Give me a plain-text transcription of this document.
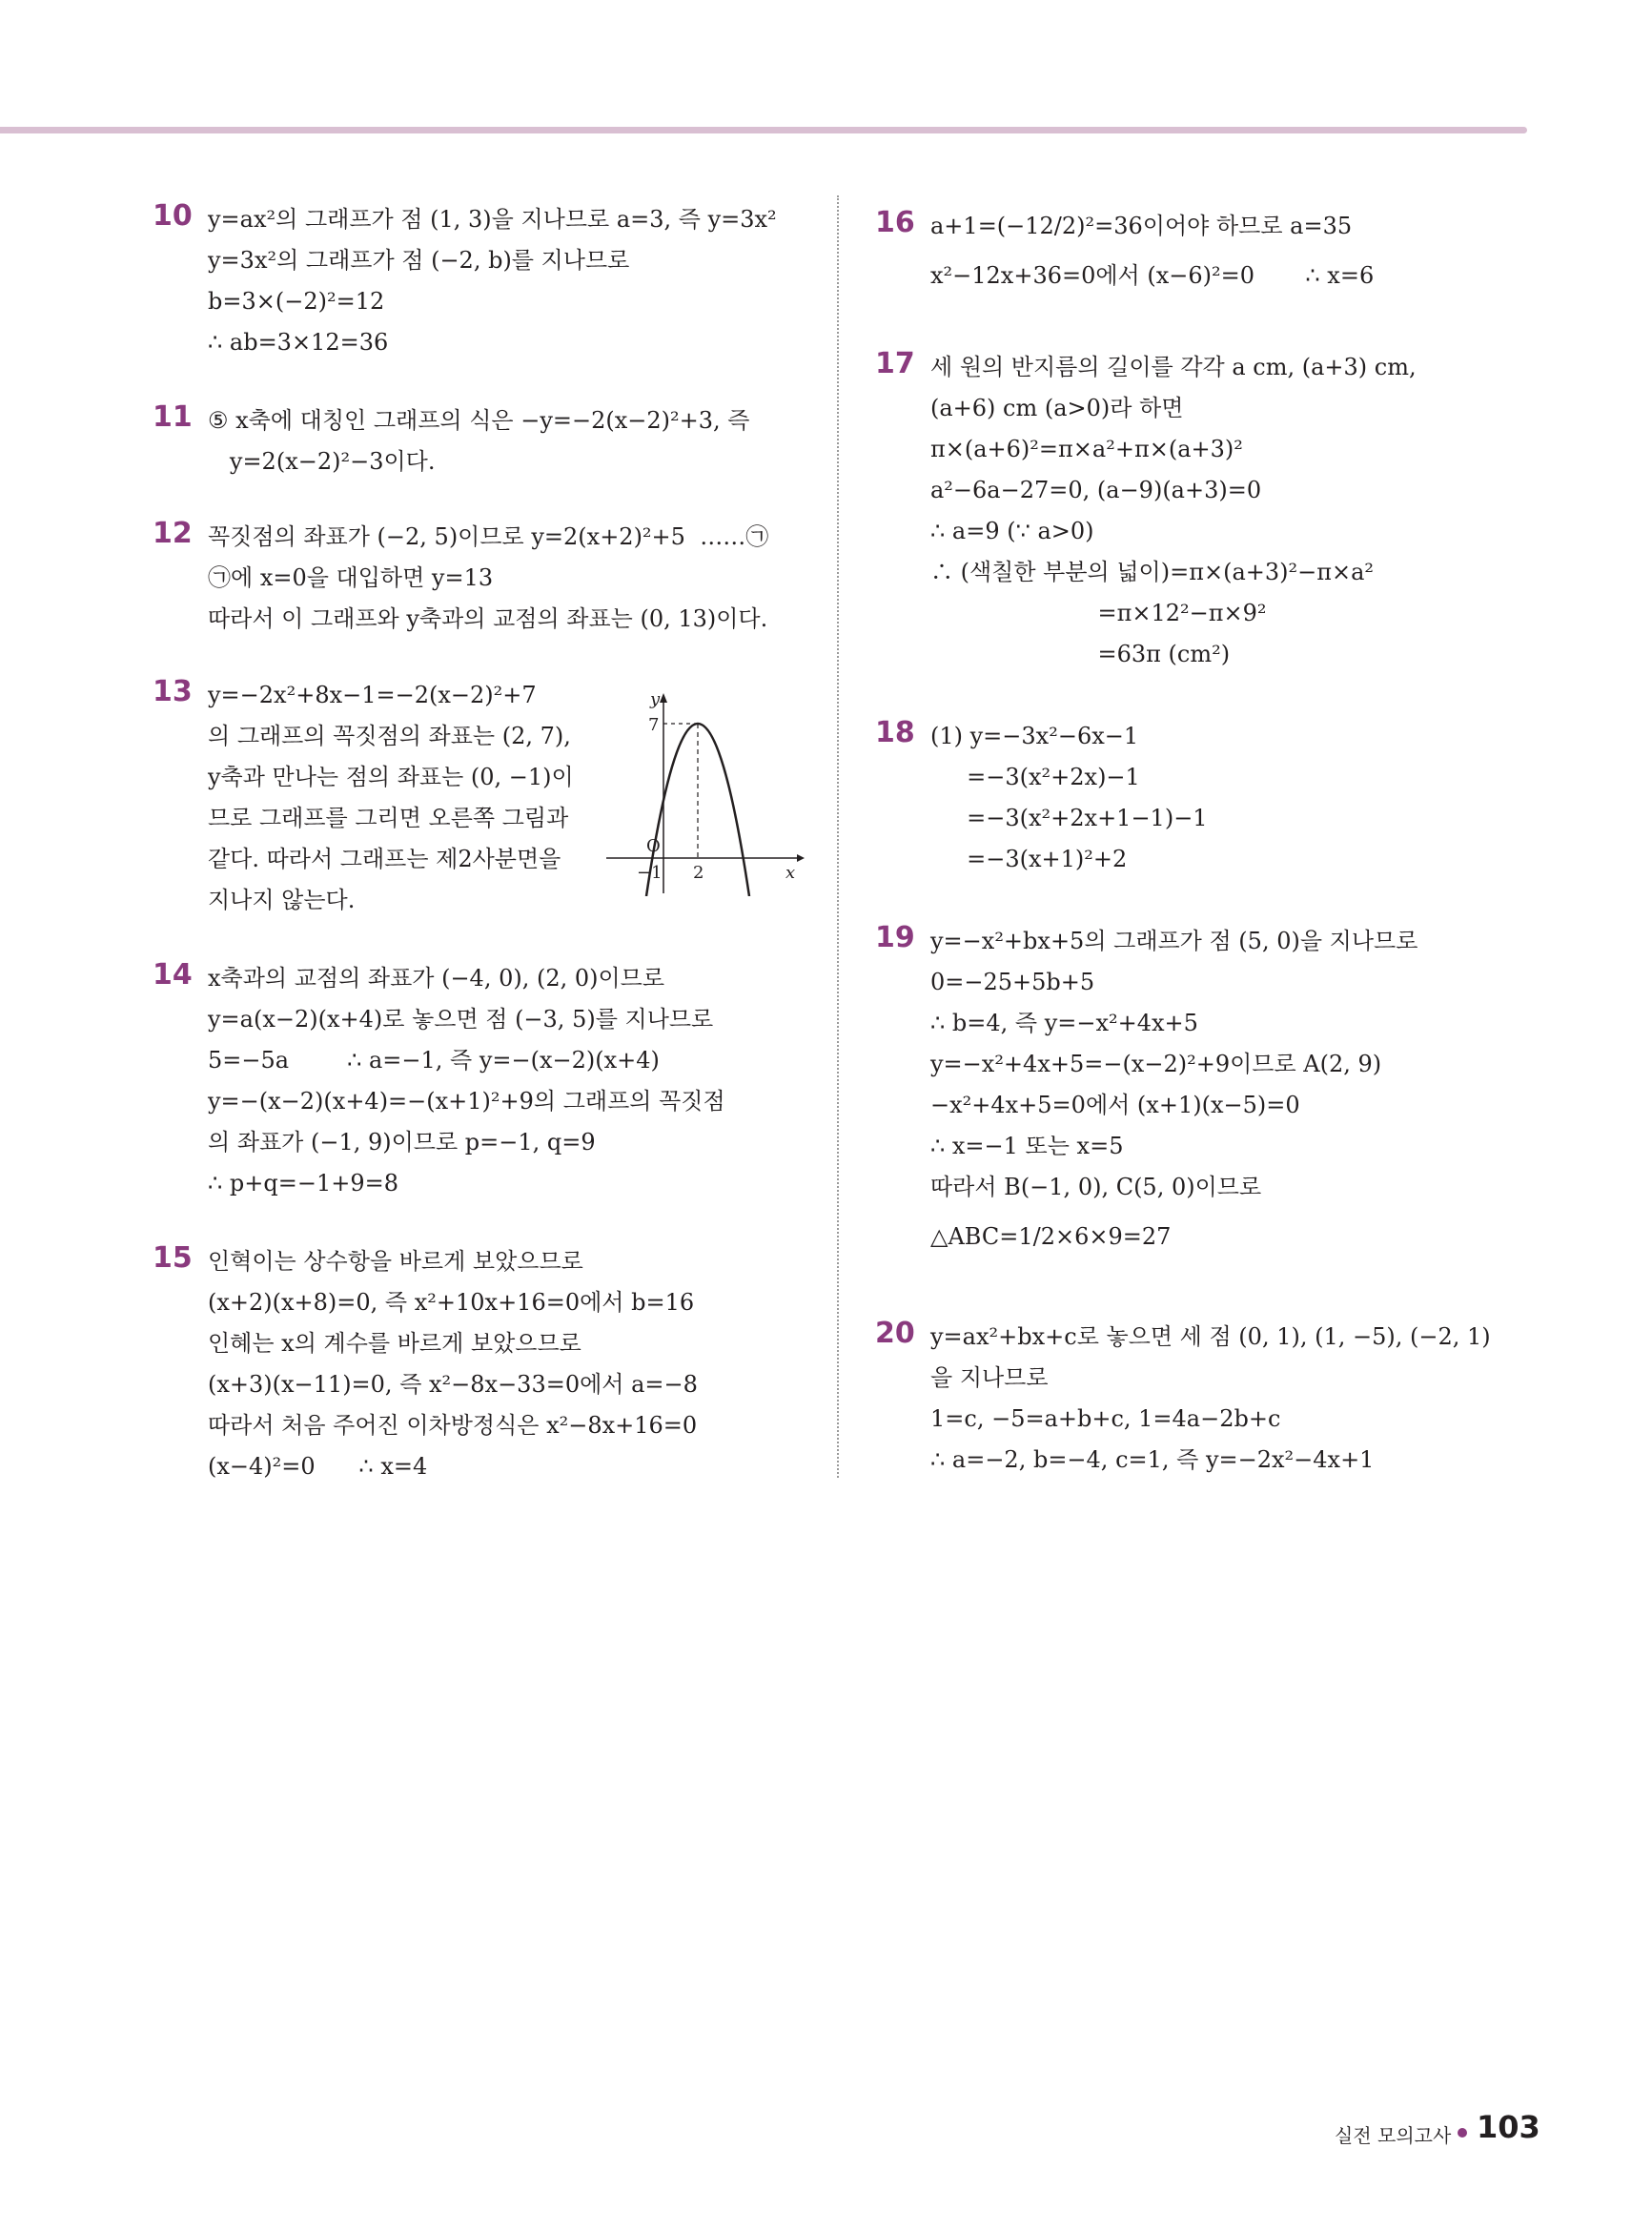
10 y=ax²의 그래프가 점 (1, 3)을 지나므로 a=3, 즉 y=3x²
y=3x²의 그래프가 점 (−2, b)를 지나므로
b=3×(−2)²=12
∴ ab=3×12=36
11 ⑤ x축에 대칭인 그래프의 식은 −y=−2(x−2)²+3, 즉
y=2(x−2)²−3이다.
12 꼭짓점의 좌표가 (−2, 5)이므로 y=2(x+2)²+5  ……㉠
㉠에 x=0을 대입하면 y=13
따라서 이 그래프와 y축과의 교점의 좌표는 (0, 13)이다.
13 y=−2x²+8x−1=−2(x−2)²+7
의 그래프의 꼭짓점의 좌표는 (2, 7),
y축과 만나는 점의 좌표는 (0, −1)이
므로 그래프를 그리면 오른쪽 그림과
같다. 따라서 그래프는 제2사분면을
지나지 않는다.
y
7
O
−1 2	x
14 x축과의 교점의 좌표가 (−4, 0), (2, 0)이므로
y=a(x−2)(x+4)로 놓으면 점 (−3, 5)를 지나므로
5=−5a        ∴ a=−1, 즉 y=−(x−2)(x+4)
y=−(x−2)(x+4)=−(x+1)²+9의 그래프의 꼭짓점
의 좌표가 (−1, 9)이므로 p=−1, q=9
∴ p+q=−1+9=8
15 인혁이는 상수항을 바르게 보았으므로
(x+2)(x+8)=0, 즉 x²+10x+16=0에서 b=16
인혜는 x의 계수를 바르게 보았으므로
(x+3)(x−11)=0, 즉 x²−8x−33=0에서 a=−8
따라서 처음 주어진 이차방정식은 x²−8x+16=0
(x−4)²=0      ∴ x=4
16 a+1=(−12/2)²=36이어야 하므로 a=35
x²−12x+36=0에서 (x−6)²=0       ∴ x=6
17 세 원의 반지름의 길이를 각각 a cm, (a+3) cm,
(a+6) cm (a>0)라 하면
π×(a+6)²=π×a²+π×(a+3)²
a²−6a−27=0, (a−9)(a+3)=0
∴ a=9 (∵ a>0)
∴ (색칠한 부분의 넓이)=π×(a+3)²−π×a²
=π×12²−π×9²
=63π (cm²)
18 (1) y=−3x²−6x−1
=−3(x²+2x)−1
=−3(x²+2x+1−1)−1
=−3(x+1)²+2
19 y=−x²+bx+5의 그래프가 점 (5, 0)을 지나므로
0=−25+5b+5
∴ b=4, 즉 y=−x²+4x+5
y=−x²+4x+5=−(x−2)²+9이므로 A(2, 9)
−x²+4x+5=0에서 (x+1)(x−5)=0
∴ x=−1 또는 x=5
따라서 B(−1, 0), C(5, 0)이므로
△ABC=1/2×6×9=27
20 y=ax²+bx+c로 놓으면 세 점 (0, 1), (1, −5), (−2, 1)
을 지나므로
1=c, −5=a+b+c, 1=4a−2b+c
∴ a=−2, b=−4, c=1, 즉 y=−2x²−4x+1
실전 모의고사 103
